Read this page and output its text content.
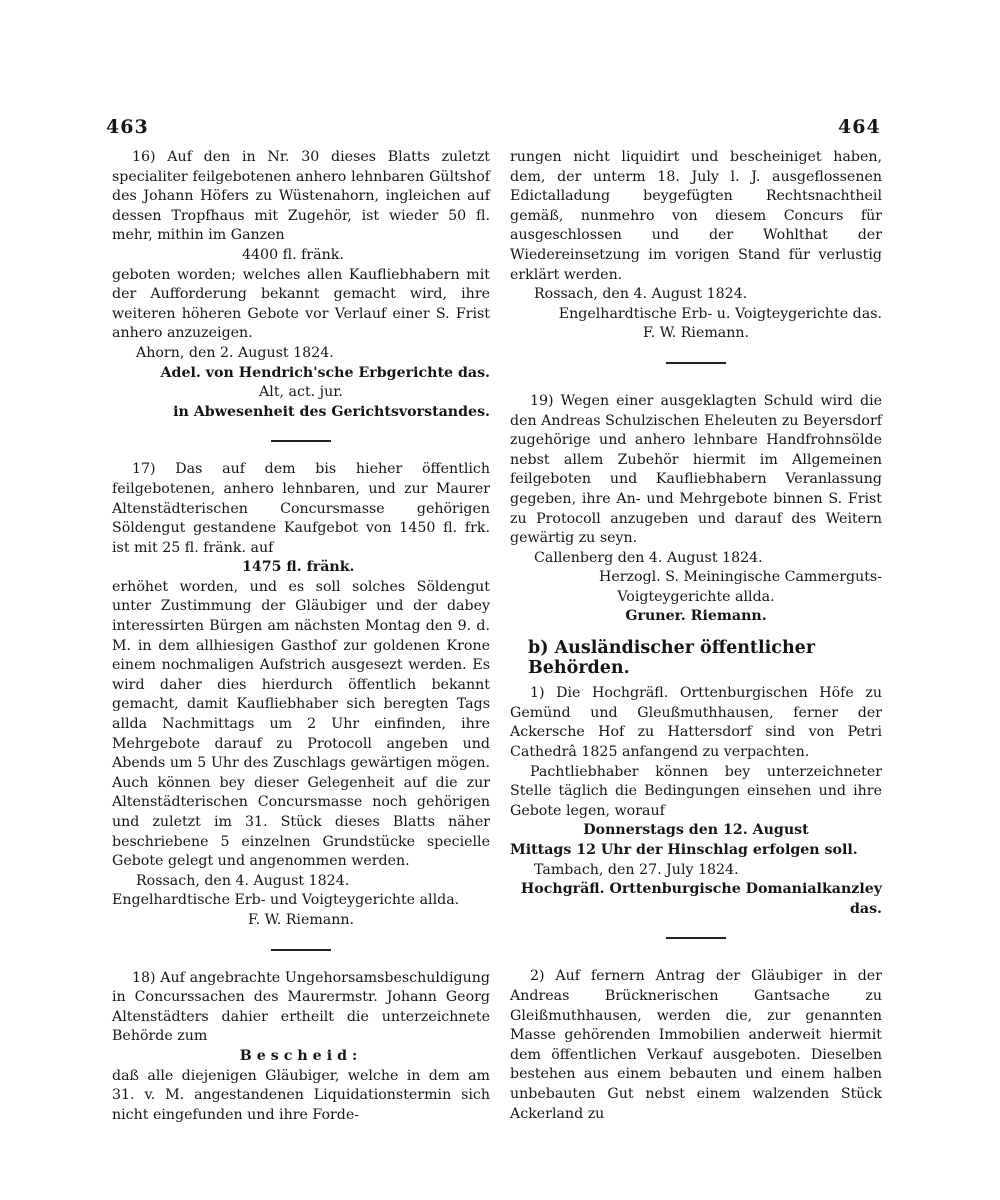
463	464

16) Auf den in Nr. 30 dieses Blatts zuletzt specialiter feilgebotenen anhero lehnbaren Gültshof des Johann Höfers zu Wüstenahorn, ingleichen auf dessen Tropfhaus mit Zugehör, ist wieder 50 fl. mehr, mithin im Ganzen

4400 fl. fränk.

geboten worden; welches allen Kaufliebhabern mit der Aufforderung bekannt gemacht wird, ihre weiteren höheren Gebote vor Verlauf einer S. Frist anhero anzuzeigen.

Ahorn, den 2. August 1824.

Adel. von Hendrich'sche Erbgerichte das.

Alt, act. jur.

in Abwesenheit des Gerichtsvorstandes.

17) Das auf dem bis hieher öffentlich feilgebotenen, anhero lehnbaren, und zur Maurer Altenstädterischen Concursmasse gehörigen Söldengut gestandene Kaufgebot von 1450 fl. frk. ist mit 25 fl. fränk. auf

1475 fl. fränk.

erhöhet worden, und es soll solches Söldengut unter Zustimmung der Gläubiger und der dabey interessirten Bürgen am nächsten Montag den 9. d. M. in dem allhiesigen Gasthof zur goldenen Krone einem nochmaligen Aufstrich ausgesezt werden. Es wird daher dies hierdurch öffentlich bekannt gemacht, damit Kaufliebhaber sich beregten Tags allda Nachmittags um 2 Uhr einfinden, ihre Mehrgebote darauf zu Protocoll angeben und Abends um 5 Uhr des Zuschlags gewärtigen mögen. Auch können bey dieser Gelegenheit auf die zur Altenstädterischen Concursmasse noch gehörigen und zuletzt im 31. Stück dieses Blatts näher beschriebene 5 einzelnen Grundstücke specielle Gebote gelegt und angenommen werden.

Rossach, den 4. August 1824.

Engelhardtische Erb- und Voigteygerichte allda.

F. W. Riemann.

18) Auf angebrachte Ungehorsamsbeschuldigung in Concurssachen des Maurermstr. Johann Georg Altenstädters dahier ertheilt die unterzeichnete Behörde zum

Bescheid:

daß alle diejenigen Gläubiger, welche in dem am 31. v. M. angestandenen Liquidationstermin sich nicht eingefunden und ihre Forde-

rungen nicht liquidirt und bescheiniget haben, dem, der unterm 18. July l. J. ausgeflossenen Edictalladung beygefügten Rechtsnachtheil gemäß, nunmehro von diesem Concurs für ausgeschlossen und der Wohlthat der Wiedereinsetzung im vorigen Stand für verlustig erklärt werden.

Rossach, den 4. August 1824.

Engelhardtische Erb- u. Voigteygerichte das.

F. W. Riemann.

19) Wegen einer ausgeklagten Schuld wird die den Andreas Schulzischen Eheleuten zu Beyersdorf zugehörige und anhero lehnbare Handfrohnsölde nebst allem Zubehör hiermit im Allgemeinen feilgeboten und Kaufliebhabern Veranlassung gegeben, ihre An- und Mehrgebote binnen S. Frist zu Protocoll anzugeben und darauf des Weitern gewärtig zu seyn.

Callenberg den 4. August 1824.

Herzogl. S. Meiningische Cammerguts-

Voigteygerichte allda.

Gruner. Riemann.

b) Ausländischer öffentlicher Behörden.

1) Die Hochgräfl. Orttenburgischen Höfe zu Gemünd und Gleußmuthhausen, ferner der Ackersche Hof zu Hattersdorf sind von Petri Cathedrâ 1825 anfangend zu verpachten.

Pachtliebhaber können bey unterzeichneter Stelle täglich die Bedingungen einsehen und ihre Gebote legen, worauf

Donnerstags den 12. August

Mittags 12 Uhr der Hinschlag erfolgen soll.

Tambach, den 27. July 1824.

Hochgräfl. Orttenburgische Domanialkanzley das.

2) Auf fernern Antrag der Gläubiger in der Andreas Brücknerischen Gantsache zu Gleißmuthhausen, werden die, zur genannten Masse gehörenden Immobilien anderweit hiermit dem öffentlichen Verkauf ausgeboten. Dieselben bestehen aus einem bebauten und einem halben unbebauten Gut nebst einem walzenden Stück Ackerland zu
